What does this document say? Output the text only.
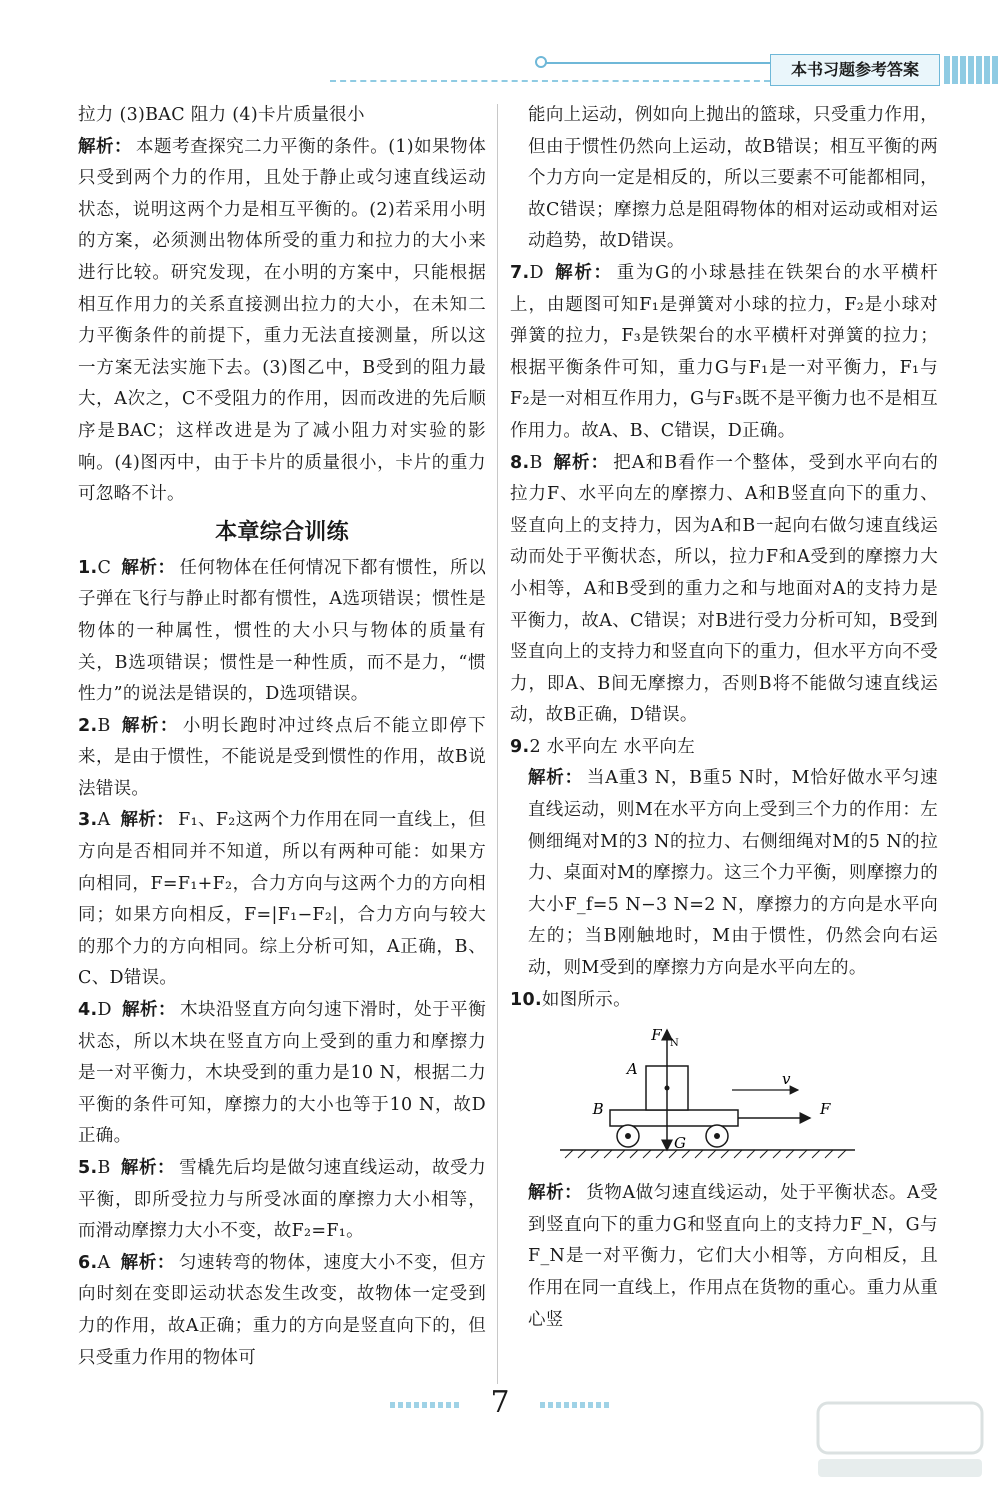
本书习题参考答案

拉力 (3)BAC 阻力 (4)卡片质量很小

解析： 本题考查探究二力平衡的条件。(1)如果物体只受到两个力的作用，且处于静止或匀速直线运动状态，说明这两个力是相互平衡的。(2)若采用小明的方案，必须测出物体所受的重力和拉力的大小来进行比较。研究发现，在小明的方案中，只能根据相互作用力的关系直接测出拉力的大小，在未知二力平衡条件的前提下，重力无法直接测量，所以这一方案无法实施下去。(3)图乙中，B受到的阻力最大，A次之，C不受阻力的作用，因而改进的先后顺序是BAC；这样改进是为了减小阻力对实验的影响。(4)图丙中，由于卡片的质量很小，卡片的重力可忽略不计。

本章综合训练

1.C 解析： 任何物体在任何情况下都有惯性，所以子弹在飞行与静止时都有惯性，A选项错误；惯性是物体的一种属性，惯性的大小只与物体的质量有关，B选项错误；惯性是一种性质，而不是力，“惯性力”的说法是错误的，D选项错误。

2.B 解析： 小明长跑时冲过终点后不能立即停下来，是由于惯性，不能说是受到惯性的作用，故B说法错误。

3.A 解析： F₁、F₂这两个力作用在同一直线上，但方向是否相同并不知道，所以有两种可能：如果方向相同，F=F₁+F₂，合力方向与这两个力的方向相同；如果方向相反，F=|F₁−F₂|，合力方向与较大的那个力的方向相同。综上分析可知，A正确，B、C、D错误。

4.D 解析： 木块沿竖直方向匀速下滑时，处于平衡状态，所以木块在竖直方向上受到的重力和摩擦力是一对平衡力，木块受到的重力是10 N，根据二力平衡的条件可知，摩擦力的大小也等于10 N，故D正确。

5.B 解析： 雪橇先后均是做匀速直线运动，故受力平衡，即所受拉力与所受冰面的摩擦力大小相等，而滑动摩擦力大小不变，故F₂=F₁。

6.A 解析： 匀速转弯的物体，速度大小不变，但方向时刻在变即运动状态发生改变，故物体一定受到力的作用，故A正确；重力的方向是竖直向下的，但只受重力作用的物体可

能向上运动，例如向上抛出的篮球，只受重力作用，但由于惯性仍然向上运动，故B错误；相互平衡的两个力方向一定是相反的，所以三要素不可能都相同，故C错误；摩擦力总是阻碍物体的相对运动或相对运动趋势，故D错误。

7.D 解析： 重为G的小球悬挂在铁架台的水平横杆上，由题图可知F₁是弹簧对小球的拉力，F₂是小球对弹簧的拉力，F₃是铁架台的水平横杆对弹簧的拉力；根据平衡条件可知，重力G与F₁是一对平衡力，F₁与F₂是一对相互作用力，G与F₃既不是平衡力也不是相互作用力。故A、B、C错误，D正确。

8.B 解析： 把A和B看作一个整体，受到水平向右的拉力F、水平向左的摩擦力、A和B竖直向下的重力、竖直向上的支持力，因为A和B一起向右做匀速直线运动而处于平衡状态，所以，拉力F和A受到的摩擦力大小相等，A和B受到的重力之和与地面对A的支持力是平衡力，故A、C错误；对B进行受力分析可知，B受到竖直向上的支持力和竖直向下的重力，但水平方向不受力，即A、B间无摩擦力，否则B将不能做匀速直线运动，故B正确，D错误。

9.2 水平向左 水平向左

解析： 当A重3 N，B重5 N时，M恰好做水平匀速直线运动，则M在水平方向上受到三个力的作用：左侧细绳对M的3 N的拉力、右侧细绳对M的5 N的拉力、桌面对M的摩擦力。这三个力平衡，则摩擦力的大小F_f=5 N−3 N=2 N，摩擦力的方向是水平向左的；当B刚触地时，M由于惯性，仍然会向右运动，则M受到的摩擦力方向是水平向左的。

10.如图所示。

F N
A
v
B	F
G

解析： 货物A做匀速直线运动，处于平衡状态。A受到竖直向下的重力G和竖直向上的支持力F_N，G与F_N是一对平衡力，它们大小相等，方向相反，且作用在同一直线上，作用点在货物的重心。重力从重心竖

7
